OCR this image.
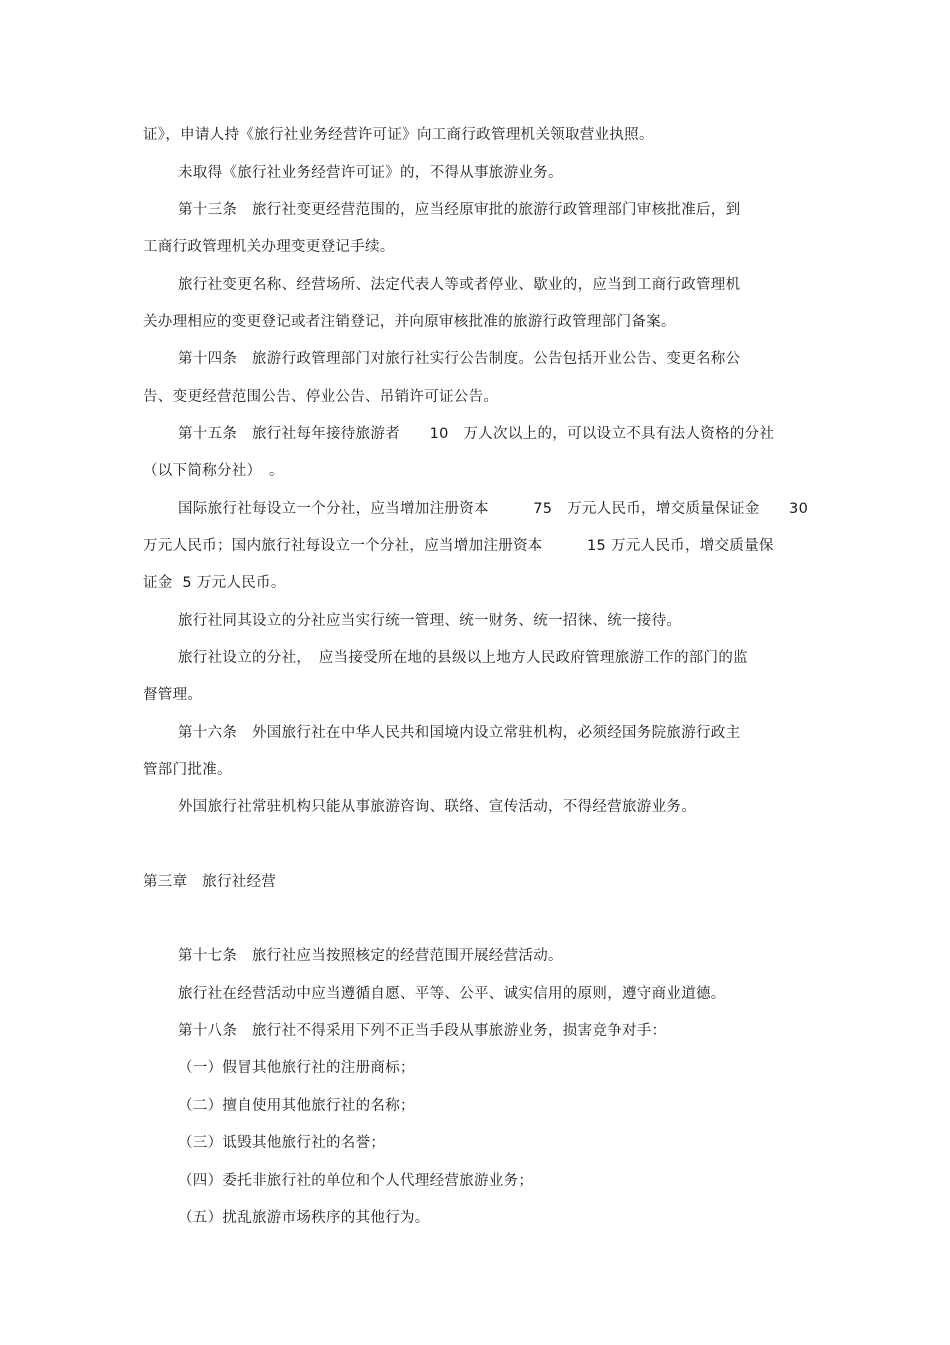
证》，申请人持《旅行社业务经营许可证》向工商行政管理机关领取营业执照。
未取得《旅行社业务经营许可证》的，不得从事旅游业务。
第十三条　旅行社变更经营范围的，应当经原审批的旅游行政管理部门审核批准后，到
工商行政管理机关办理变更登记手续。
旅行社变更名称、经营场所、法定代表人等或者停业、歇业的，应当到工商行政管理机
关办理相应的变更登记或者注销登记，并向原审核批准的旅游行政管理部门备案。
第十四条　旅游行政管理部门对旅行社实行公告制度。公告包括开业公告、变更名称公
告、变更经营范围公告、停业公告、吊销许可证公告。
第十五条　旅行社每年接待旅游者　　10　万人次以上的，可以设立不具有法人资格的分社
（以下简称分社）　。
国际旅行社每设立一个分社，应当增加注册资本　　　75　万元人民币，增交质量保证金　　30
万元人民币；国内旅行社每设立一个分社，应当增加注册资本　　　15 万元人民币，增交质量保
证金  5 万元人民币。
旅行社同其设立的分社应当实行统一管理、统一财务、统一招徕、统一接待。
旅行社设立的分社，　应当接受所在地的县级以上地方人民政府管理旅游工作的部门的监
督管理。
第十六条　外国旅行社在中华人民共和国境内设立常驻机构，必须经国务院旅游行政主
管部门批准。
外国旅行社常驻机构只能从事旅游咨询、联络、宣传活动，不得经营旅游业务。
第三章　旅行社经营
第十七条　旅行社应当按照核定的经营范围开展经营活动。
旅行社在经营活动中应当遵循自愿、平等、公平、诚实信用的原则，遵守商业道德。
第十八条　旅行社不得采用下列不正当手段从事旅游业务，损害竞争对手：
（一）假冒其他旅行社的注册商标；
（二）擅自使用其他旅行社的名称；
（三）诋毁其他旅行社的名誉；
（四）委托非旅行社的单位和个人代理经营旅游业务；
（五）扰乱旅游市场秩序的其他行为。
